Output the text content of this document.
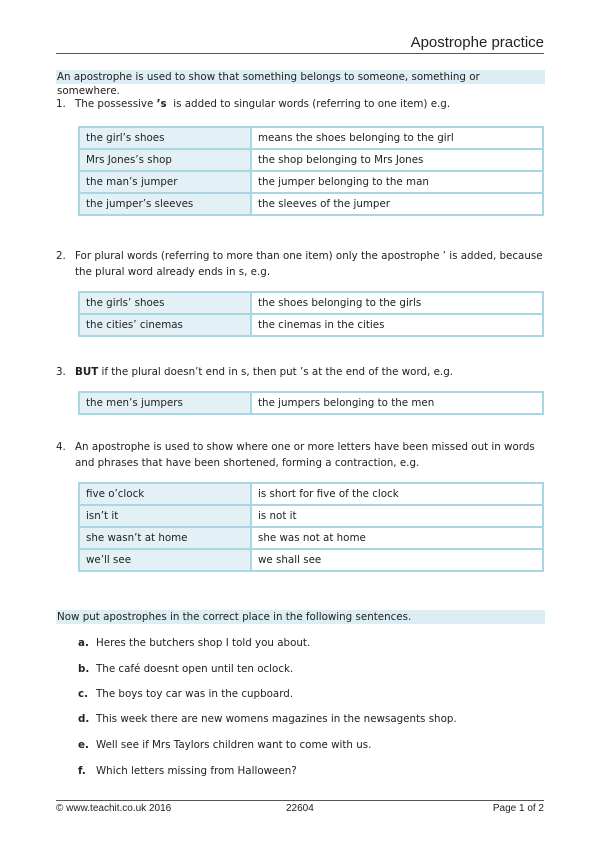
Apostrophe practice
An apostrophe is used to show that something belongs to someone, something or somewhere.
1. The possessive ’s  is added to singular words (referring to one item) e.g.
the girl’s shoes	means the shoes belonging to the girl
Mrs Jones’s shop	the shop belonging to Mrs Jones
the man’s jumper	the jumper belonging to the man
the jumper’s sleeves	the sleeves of the jumper
2. For plural words (referring to more than one item) only the apostrophe ’ is added, because the plural word already ends in s, e.g.
the girls’ shoes	the shoes belonging to the girls
the cities’ cinemas	the cinemas in the cities
3. BUT if the plural doesn’t end in s, then put ’s at the end of the word, e.g.
the men’s jumpers	the jumpers belonging to the men
4. An apostrophe is used to show where one or more letters have been missed out in words and phrases that have been shortened, forming a contraction, e.g.
five o’clock	is short for five of the clock
isn’t it	is not it
she wasn’t at home	she was not at home
we’ll see	we shall see
Now put apostrophes in the correct place in the following sentences.
a. Heres the butchers shop I told you about.
b. The café doesnt open until ten oclock.
c. The boys toy car was in the cupboard.
d. This week there are new womens magazines in the newsagents shop.
e. Well see if Mrs Taylors children want to come with us.
f. Which letters missing from Halloween?
© www.teachit.co.uk 2016	22604	Page 1 of 2
